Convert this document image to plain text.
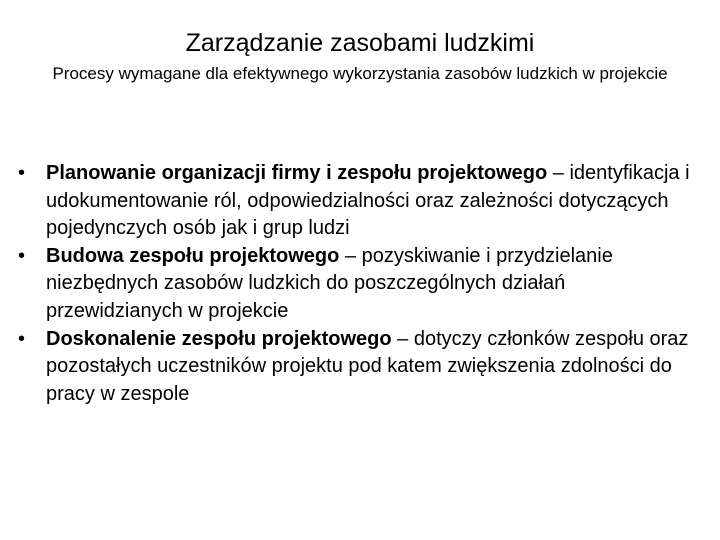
Zarządzanie zasobami ludzkimi

Procesy wymagane dla efektywnego wykorzystania zasobów ludzkich w projekcie

• Planowanie organizacji firmy i zespołu projektowego – identyfikacja i udokumentowanie ról, odpowiedzialności oraz zależności dotyczących pojedynczych osób jak i grup ludzi
• Budowa zespołu projektowego – pozyskiwanie i przydzielanie niezbędnych zasobów ludzkich do poszczególnych działań przewidzianych w projekcie
• Doskonalenie zespołu projektowego – dotyczy członków zespołu oraz pozostałych uczestników projektu pod katem zwiększenia zdolności do pracy w zespole
